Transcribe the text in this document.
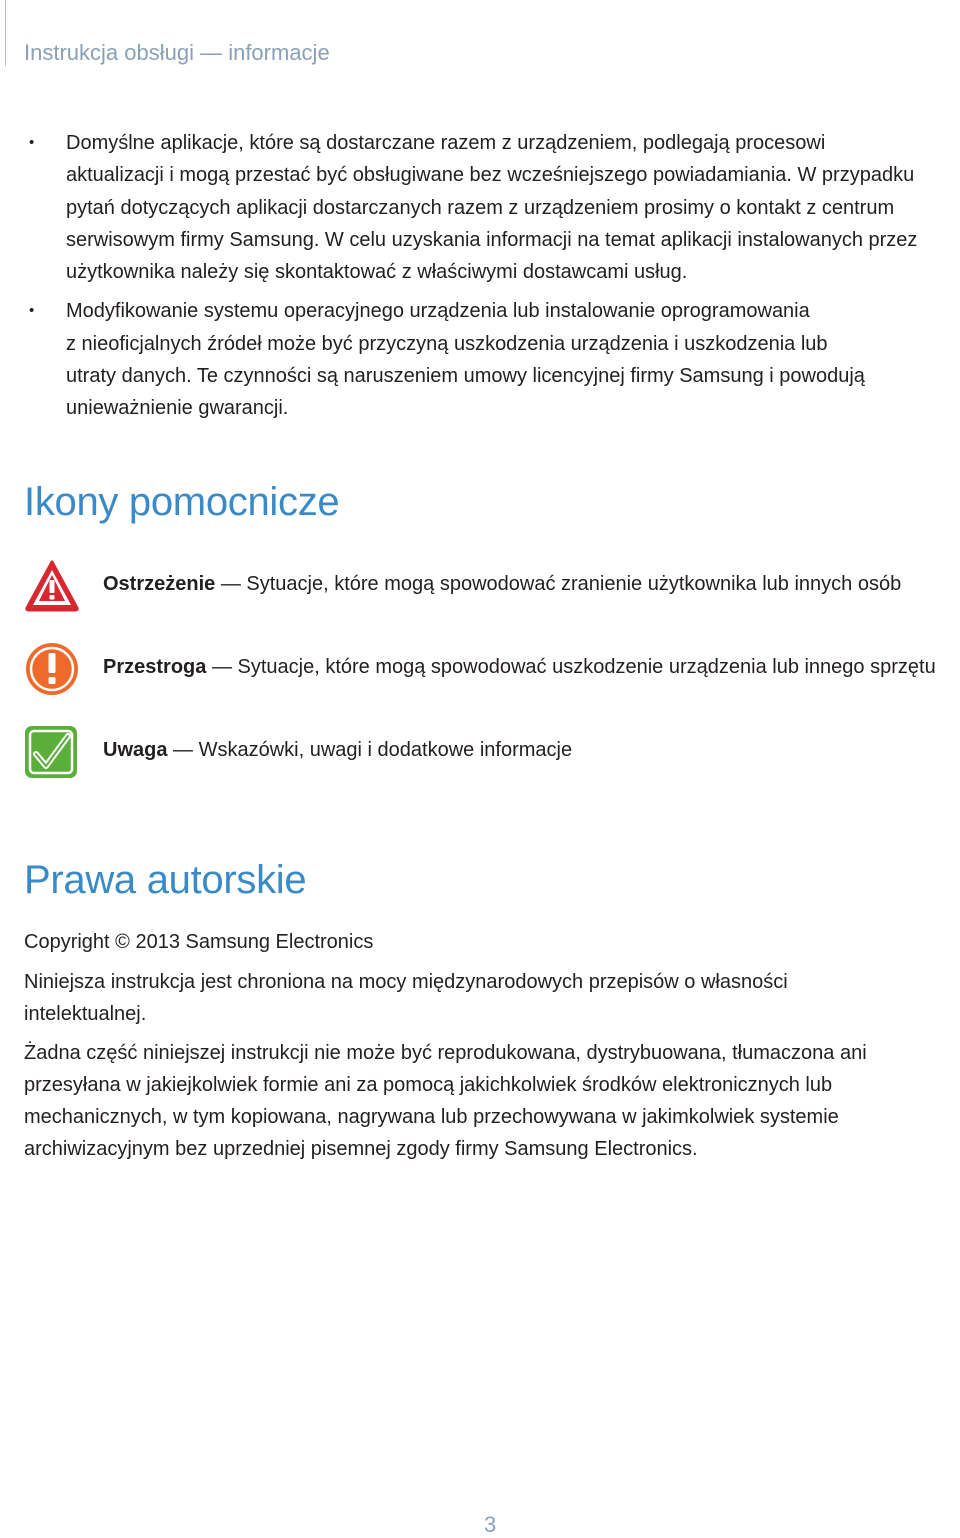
Instrukcja obsługi — informacje
• Domyślne aplikacje, które są dostarczane razem z urządzeniem, podlegają procesowi
aktualizacji i mogą przestać być obsługiwane bez wcześniejszego powiadamiania. W przypadku
pytań dotyczących aplikacji dostarczanych razem z urządzeniem prosimy o kontakt z centrum
serwisowym firmy Samsung. W celu uzyskania informacji na temat aplikacji instalowanych przez
użytkownika należy się skontaktować z właściwymi dostawcami usług.
• Modyfikowanie systemu operacyjnego urządzenia lub instalowanie oprogramowania
z nieoficjalnych źródeł może być przyczyną uszkodzenia urządzenia i uszkodzenia lub
utraty danych. Te czynności są naruszeniem umowy licencyjnej firmy Samsung i powodują
unieważnienie gwarancji.
Ikony pomocnicze
Ostrzeżenie — Sytuacje, które mogą spowodować zranienie użytkownika lub innych osób
Przestroga — Sytuacje, które mogą spowodować uszkodzenie urządzenia lub innego sprzętu
Uwaga — Wskazówki, uwagi i dodatkowe informacje
Prawa autorskie
Copyright © 2013 Samsung Electronics
Niniejsza instrukcja jest chroniona na mocy międzynarodowych przepisów o własności
intelektualnej.
Żadna część niniejszej instrukcji nie może być reprodukowana, dystrybuowana, tłumaczona ani
przesyłana w jakiejkolwiek formie ani za pomocą jakichkolwiek środków elektronicznych lub
mechanicznych, w tym kopiowana, nagrywana lub przechowywana w jakimkolwiek systemie
archiwizacyjnym bez uprzedniej pisemnej zgody firmy Samsung Electronics.
3
